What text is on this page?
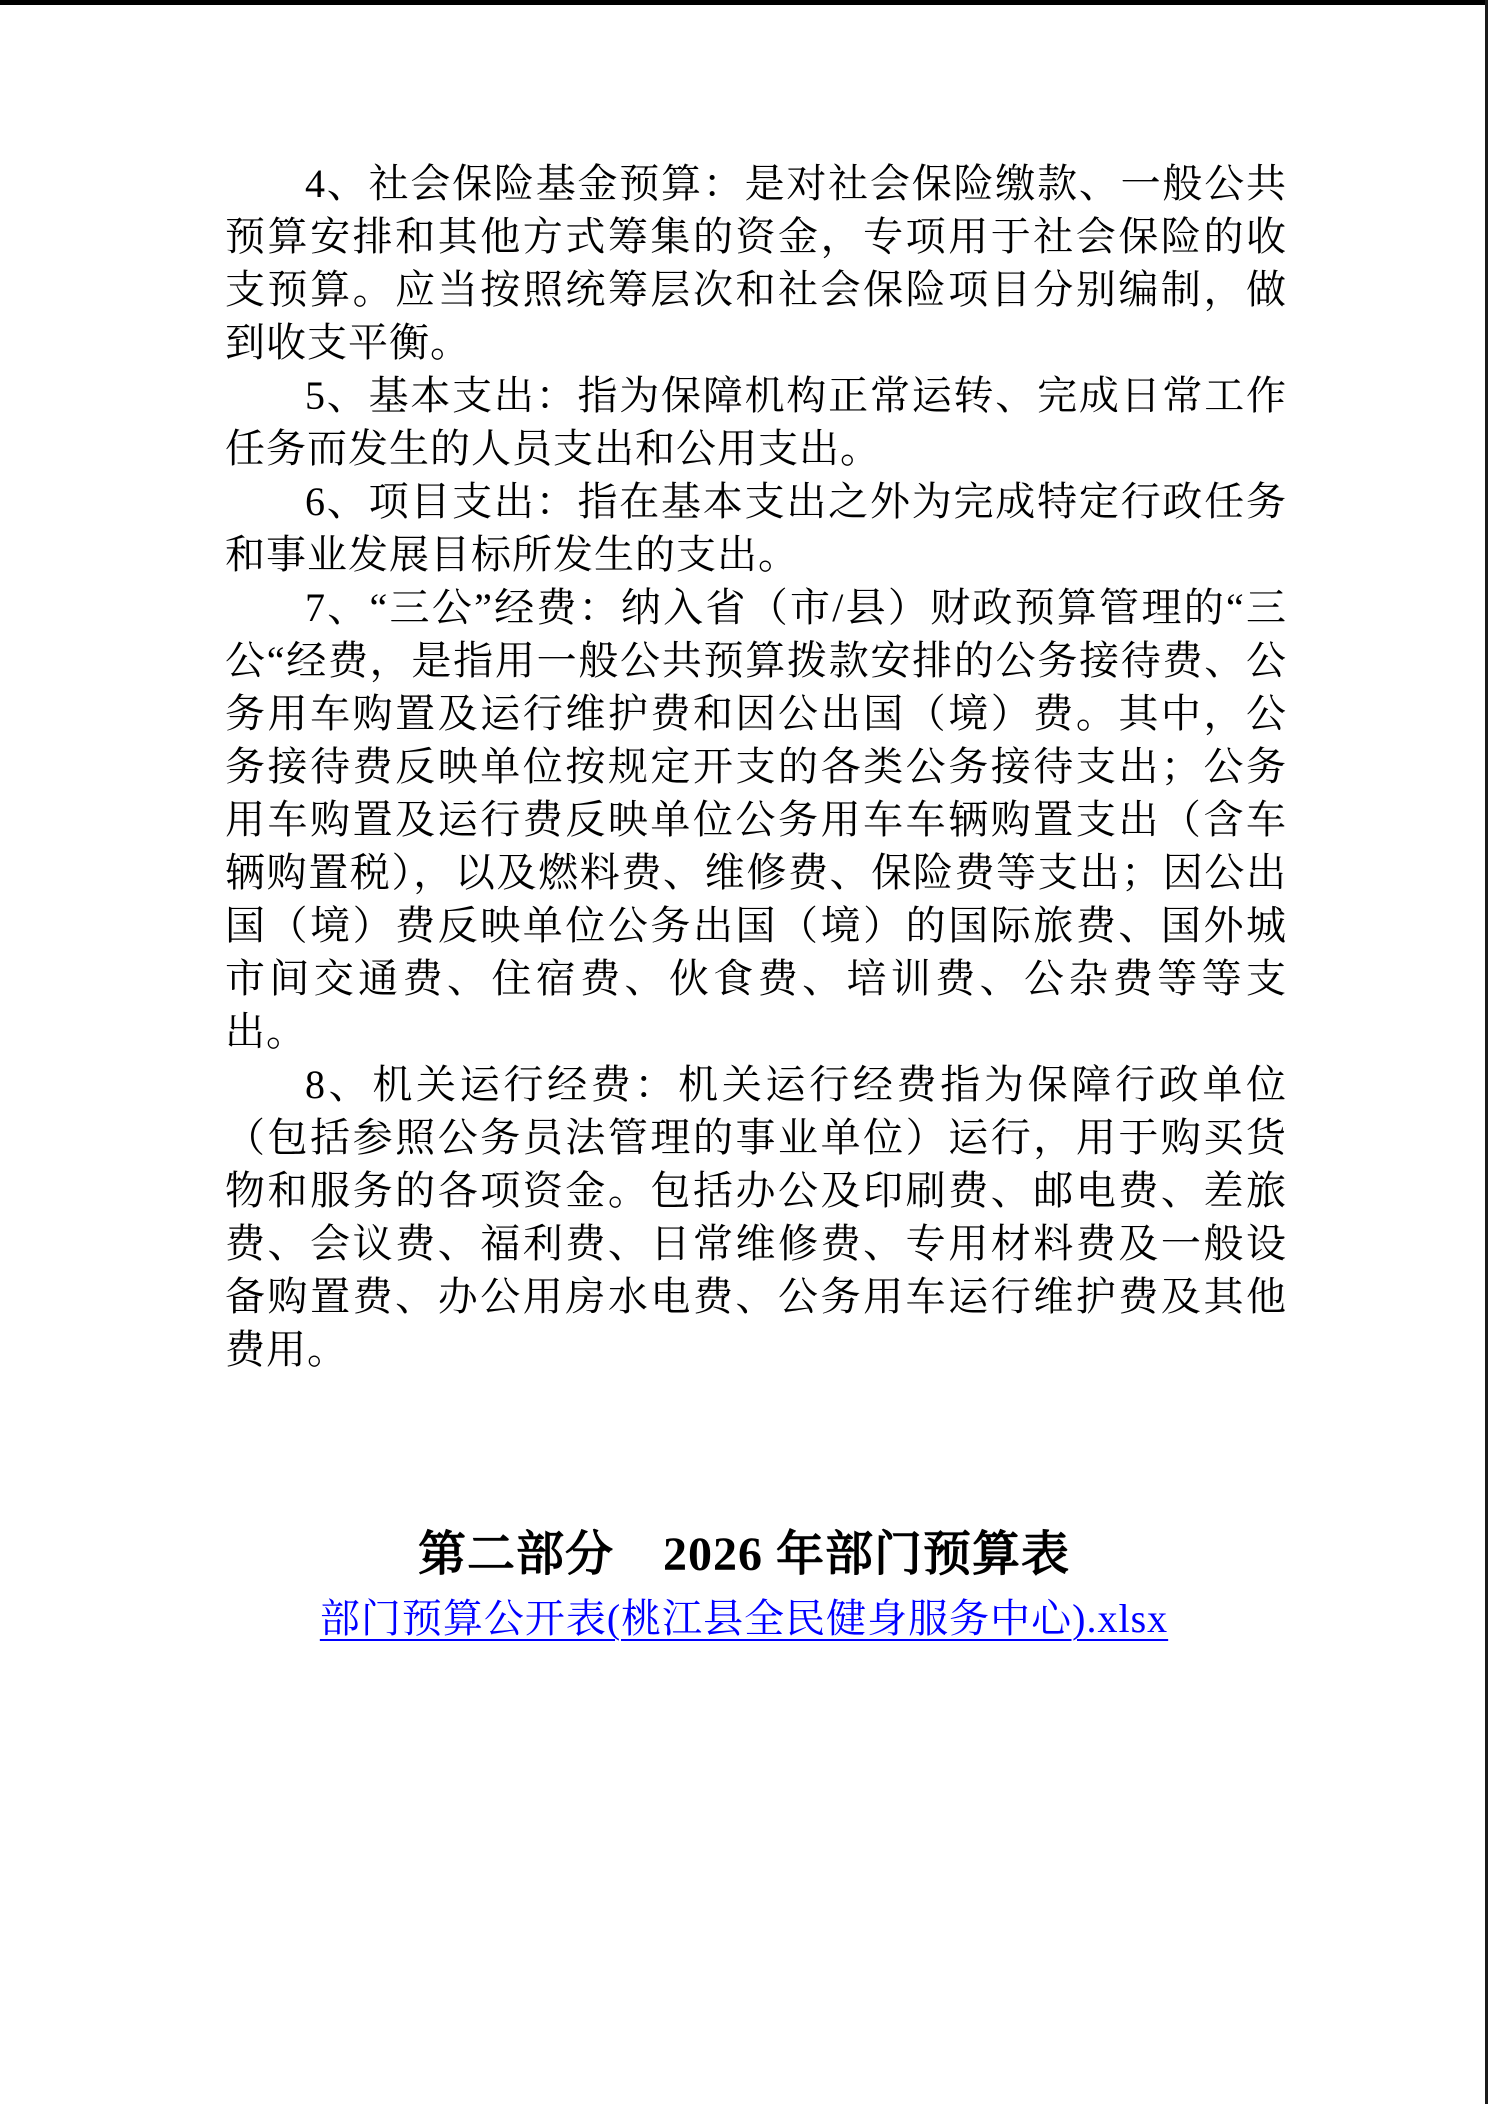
4、社会保险基金预算：是对社会保险缴款、一般公共预算安排和其他方式筹集的资金，专项用于社会保险的收支预算。应当按照统筹层次和社会保险项目分别编制，做到收支平衡。

5、基本支出：指为保障机构正常运转、完成日常工作任务而发生的人员支出和公用支出。

6、项目支出：指在基本支出之外为完成特定行政任务和事业发展目标所发生的支出。

7、“三公”经费：纳入省（市/县）财政预算管理的“三公“经费，是指用一般公共预算拨款安排的公务接待费、公务用车购置及运行维护费和因公出国（境）费。其中，公务接待费反映单位按规定开支的各类公务接待支出；公务用车购置及运行费反映单位公务用车车辆购置支出（含车辆购置税），以及燃料费、维修费、保险费等支出；因公出国（境）费反映单位公务出国（境）的国际旅费、国外城市间交通费、住宿费、伙食费、培训费、公杂费等等支出。

8、机关运行经费：机关运行经费指为保障行政单位（包括参照公务员法管理的事业单位）运行，用于购买货物和服务的各项资金。包括办公及印刷费、邮电费、差旅费、会议费、福利费、日常维修费、专用材料费及一般设备购置费、办公用房水电费、公务用车运行维护费及其他费用。

第二部分　2026 年部门预算表

部门预算公开表(桃江县全民健身服务中心).xlsx
